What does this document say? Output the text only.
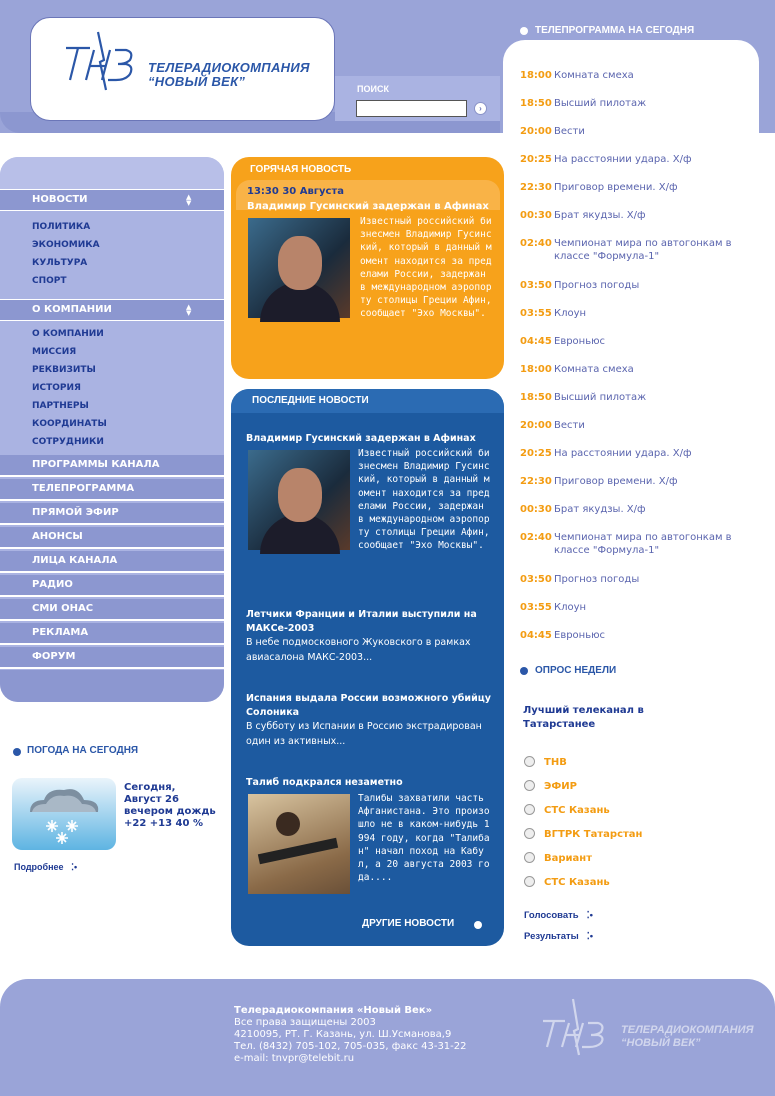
ТЕЛЕРАДИОКОМПАНИЯ
“НОВЫЙ ВЕК”	ПОИСК
›
ТЕЛЕПРОГРАММА НА СЕГОДНЯ
18:00 Комната смеха
18:50 Высший пилотаж
20:00 Вести
20:25 На расстоянии удара. Х/ф
22:30 Приговор времени. Х/ф
00:30 Брат якудзы. Х/ф
02:40 Чемпионат мира по автогонкам в классе "Формула-1"
03:50 Прогноз погоды
03:55 Клоун
04:45 Евроньюс
18:00 Комната смеха
18:50 Высший пилотаж
20:00 Вести
20:25 На расстоянии удара. Х/ф
22:30 Приговор времени. Х/ф
00:30 Брат якудзы. Х/ф
02:40 Чемпионат мира по автогонкам в классе "Формула-1"
03:50 Прогноз погоды
03:55 Клоун
04:45 Евроньюс
НОВОСТИ	▲
▼
ПОЛИТИКА
ЭКОНОМИКА
КУЛЬТУРА
СПОРТ
О КОМПАНИИ	▲
▼
О КОМПАНИИ
МИССИЯ
РЕКВИЗИТЫ
ИСТОРИЯ
ПАРТНЕРЫ
КООРДИНАТЫ
СОТРУДНИКИ
ПРОГРАММЫ КАНАЛА
ТЕЛЕПРОГРАММА
ПРЯМОЙ ЭФИР
АНОНСЫ
ЛИЦА КАНАЛА
РАДИО
СМИ ОНАС
РЕКЛАМА
ФОРУМ
ПОГОДА НА СЕГОДНЯ
Сегодня,
Август 26
вечером дождь
+22 +13 40 %
Подробнее   ⁚•
ГОРЯЧАЯ НОВОСТЬ
13:30 30 Августа
Владимир Гусинский задержан в Афинах
Известный российский бизнесмен Владимир Гусинский, который в данный момент находится за пределами России, задержан в международном аэропорту столицы Греции Афин, сообщает "Эхо Москвы".
ПОСЛЕДНИЕ НОВОСТИ
Владимир Гусинский задержан в Афинах
Известный российский бизнесмен Владимир Гусинский, который в данный момент находится за пределами России, задержан в международном аэропорту столицы Греции Афин, сообщает "Эхо Москвы".
Летчики Франции и Италии выступили на МАКСе-2003
В небе подмосковного Жуковского в рамках авиасалона МАКС-2003...
Испания выдала России возможного убийцу Солоника
В субботу из Испании в Россию экстрадирован один из активных...
Талиб подкрался незаметно
Талибы захватили часть Афганистана. Это произошло не в каком-нибудь 1994 году, когда "Талибан" начал поход на Кабул, а 20 августа 2003 года....
ДРУГИЕ НОВОСТИ
ОПРОС НЕДЕЛИ
Лучший телеканал в Татарстанее
ТНВ
ЭФИР
СТС Казань
ВГТРК Татарстан
Вариант
СТС Казань
Голосовать   ⁚•
Результаты   ⁚•
Телерадиокомпания «Новый Век»
Все права защищены 2003
4210095, РТ. Г. Казань, ул. Ш.Усманова,9
Тел. (8432) 705-102, 705-035, факс 43-31-22
e-mail: tnvpr@telebit.ru
ТЕЛЕРАДИОКОМПАНИЯ
“НОВЫЙ ВЕК”
